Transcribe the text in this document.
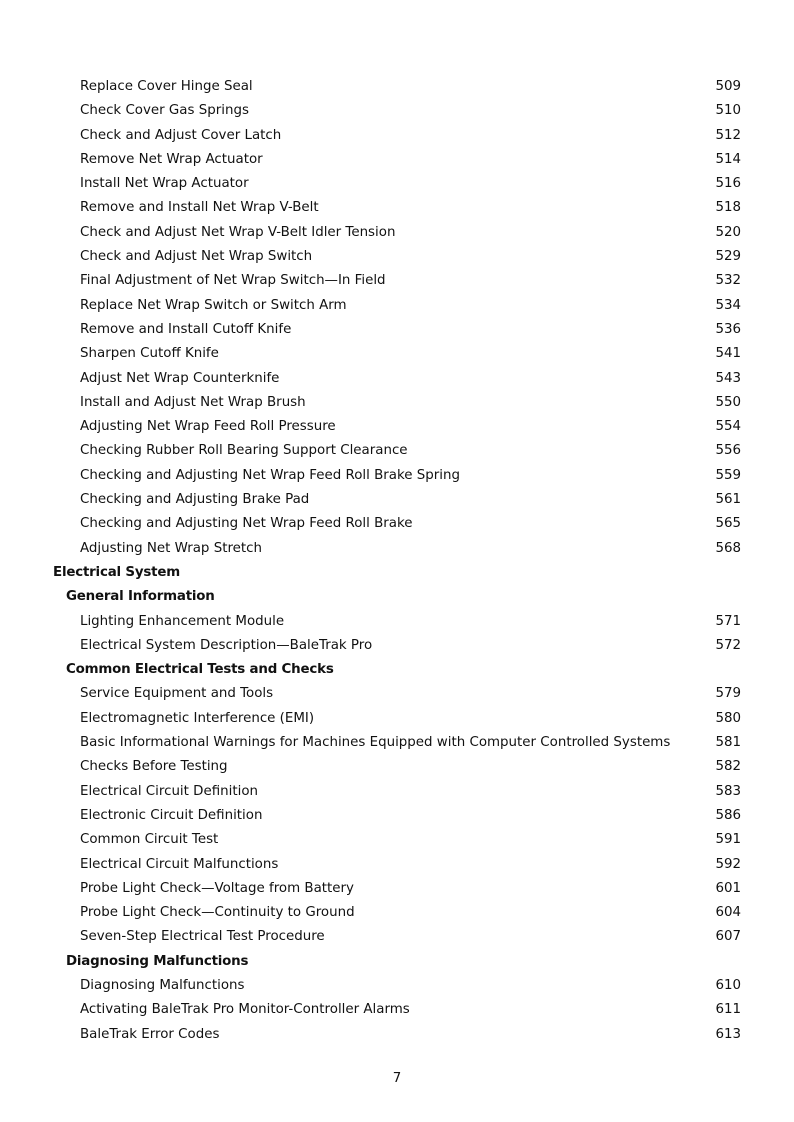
Replace Cover Hinge Seal	509
Check Cover Gas Springs	510
Check and Adjust Cover Latch	512
Remove Net Wrap Actuator	514
Install Net Wrap Actuator	516
Remove and Install Net Wrap V-Belt	518
Check and Adjust Net Wrap V-Belt Idler Tension	520
Check and Adjust Net Wrap Switch	529
Final Adjustment of Net Wrap Switch—In Field	532
Replace Net Wrap Switch or Switch Arm	534
Remove and Install Cutoff Knife	536
Sharpen Cutoff Knife	541
Adjust Net Wrap Counterknife	543
Install and Adjust Net Wrap Brush	550
Adjusting Net Wrap Feed Roll Pressure	554
Checking Rubber Roll Bearing Support Clearance	556
Checking and Adjusting Net Wrap Feed Roll Brake Spring	559
Checking and Adjusting Brake Pad	561
Checking and Adjusting Net Wrap Feed Roll Brake	565
Adjusting Net Wrap Stretch	568
Electrical System
General Information
Lighting Enhancement Module	571
Electrical System Description—BaleTrak Pro	572
Common Electrical Tests and Checks
Service Equipment and Tools	579
Electromagnetic Interference (EMI)	580
Basic Informational Warnings for Machines Equipped with Computer Controlled Systems	581
Checks Before Testing	582
Electrical Circuit Definition	583
Electronic Circuit Definition	586
Common Circuit Test	591
Electrical Circuit Malfunctions	592
Probe Light Check—Voltage from Battery	601
Probe Light Check—Continuity to Ground	604
Seven-Step Electrical Test Procedure	607
Diagnosing Malfunctions
Diagnosing Malfunctions	610
Activating BaleTrak Pro Monitor-Controller Alarms	611
BaleTrak Error Codes	613
7
